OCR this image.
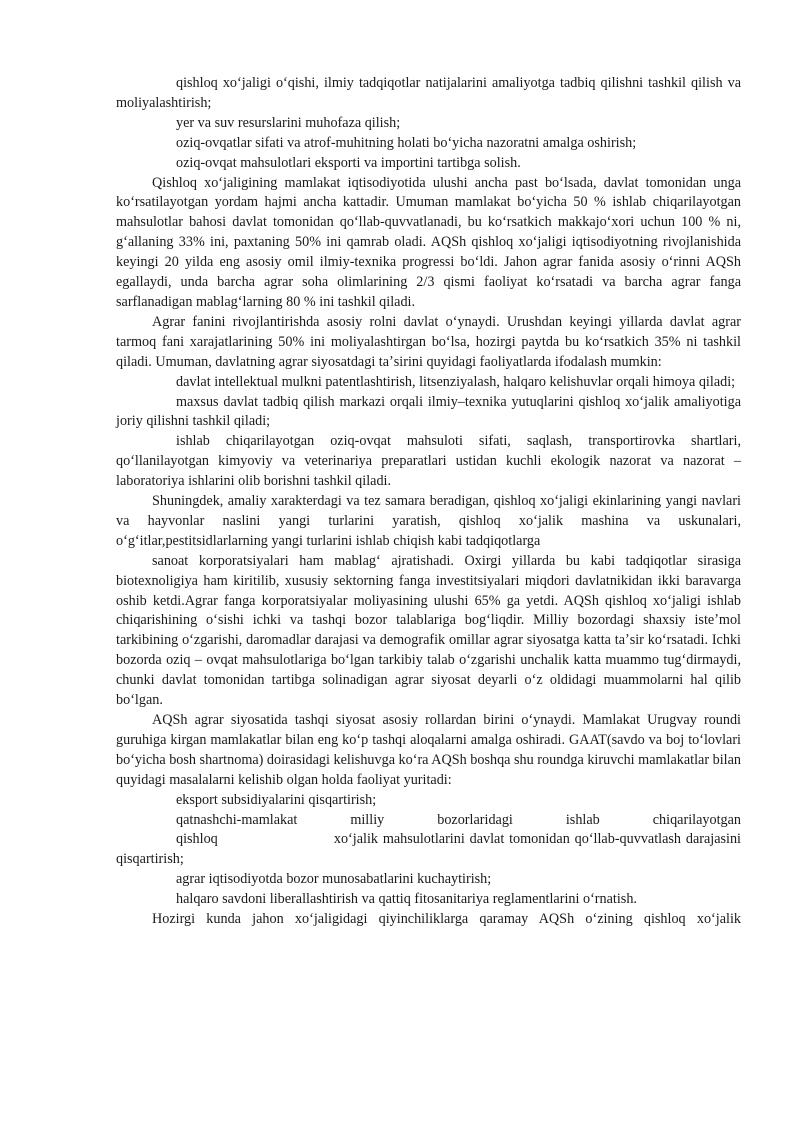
qishloq xoʻjaligi oʻqishi, ilmiy tadqiqotlar natijalarini amaliyotga tadbiq qilishni tashkil qilish va moliyalashtirish;

yer va suv resurslarini muhofaza qilish;

oziq-ovqatlar sifati va atrof-muhitning holati boʻyicha nazoratni amalga oshirish;

oziq-ovqat mahsulotlari eksporti va importini tartibga solish.

Qishloq xoʻjaligining mamlakat iqtisodiyotida ulushi ancha past boʻlsada, davlat tomonidan unga koʻrsatilayotgan yordam hajmi ancha kattadir. Umuman mamlakat boʻyicha 50 % ishlab chiqarilayotgan mahsulotlar bahosi davlat tomonidan qoʻllab-quvvatlanadi, bu koʻrsatkich makkajoʻxori uchun 100 % ni, gʻallaning 33% ini, paxtaning 50% ini qamrab oladi. AQSh qishloq xoʻjaligi iqtisodiyotning rivojlanishida keyingi 20 yilda eng asosiy omil ilmiy-texnika progressi boʻldi. Jahon agrar fanida asosiy oʻrinni AQSh egallaydi, unda barcha agrar soha olimlarining 2/3 qismi faoliyat koʻrsatadi va barcha agrar fanga sarflanadigan mablagʻlarning 80 % ini tashkil qiladi.

Agrar fanini rivojlantirishda asosiy rolni davlat oʻynaydi. Urushdan keyingi yillarda davlat agrar tarmoq fani xarajatlarining 50% ini moliyalashtirgan boʻlsa, hozirgi paytda bu koʻrsatkich 35% ni tashkil qiladi. Umuman, davlatning agrar siyosatdagi taʼsirini quyidagi faoliyatlarda ifodalash mumkin:

davlat intellektual mulkni patentlashtirish, litsenziyalash, halqaro kelishuvlar orqali himoya qiladi;

maxsus davlat tadbiq qilish markazi orqali ilmiy–texnika yutuqlarini qishloq xoʻjalik amaliyotiga joriy qilishni tashkil qiladi;

ishlab chiqarilayotgan oziq-ovqat mahsuloti sifati, saqlash, transportirovka shartlari, qoʻllanilayotgan kimyoviy va veterinariya preparatlari ustidan kuchli ekologik nazorat va nazorat – laboratoriya ishlarini olib borishni tashkil qiladi.

Shuningdek, amaliy xarakterdagi va tez samara beradigan, qishloq xoʻjaligi ekinlarining yangi navlari va hayvonlar naslini yangi turlarini yaratish, qishloq xoʻjalik mashina va uskunalari, oʻgʻitlar,pestitsidlarlarning yangi turlarini ishlab chiqish kabi tadqiqotlarga

sanoat korporatsiyalari ham mablagʻ ajratishadi. Oxirgi yillarda bu kabi tadqiqotlar sirasiga biotexnoligiya ham kiritilib, xususiy sektorning fanga investitsiyalari miqdori davlatnikidan ikki baravarga oshib ketdi.Agrar fanga korporatsiyalar moliyasining ulushi 65% ga yetdi. AQSh qishloq xoʻjaligi ishlab chiqarishining oʻsishi ichki va tashqi bozor talablariga bogʻliqdir. Milliy bozordagi shaxsiy isteʼmol tarkibining oʻzgarishi, daromadlar darajasi va demografik omillar agrar siyosatga katta taʼsir koʻrsatadi. Ichki bozorda oziq – ovqat mahsulotlariga boʻlgan tarkibiy talab oʻzgarishi unchalik katta muammo tugʻdirmaydi, chunki davlat tomonidan tartibga solinadigan agrar siyosat deyarli oʻz oldidagi muammolarni hal qilib boʻlgan.

AQSh agrar siyosatida tashqi siyosat asosiy rollardan birini oʻynaydi. Mamlakat Urugvay roundi guruhiga kirgan mamlakatlar bilan eng koʻp tashqi aloqalarni amalga oshiradi. GAAT(savdo va boj toʻlovlari boʻyicha bosh shartnoma) doirasidagi kelishuvga koʻra AQSh boshqa shu roundga kiruvchi mamlakatlar bilan quyidagi masalalarni kelishib olgan holda faoliyat yuritadi:

eksport subsidiyalarini qisqartirish;

qatnashchi-mamlakat milliy bozorlaridagi ishlab chiqarilayotgan

qishloq                        xoʻjalik mahsulotlarini davlat tomonidan qoʻllab-quvvatlash darajasini qisqartirish;

agrar iqtisodiyotda bozor munosabatlarini kuchaytirish;

halqaro savdoni liberallashtirish va qattiq fitosanitariya reglamentlarini oʻrnatish.

Hozirgi kunda jahon xoʻjaligidagi qiyinchiliklarga qaramay AQSh oʻzining qishloq xoʻjalik
